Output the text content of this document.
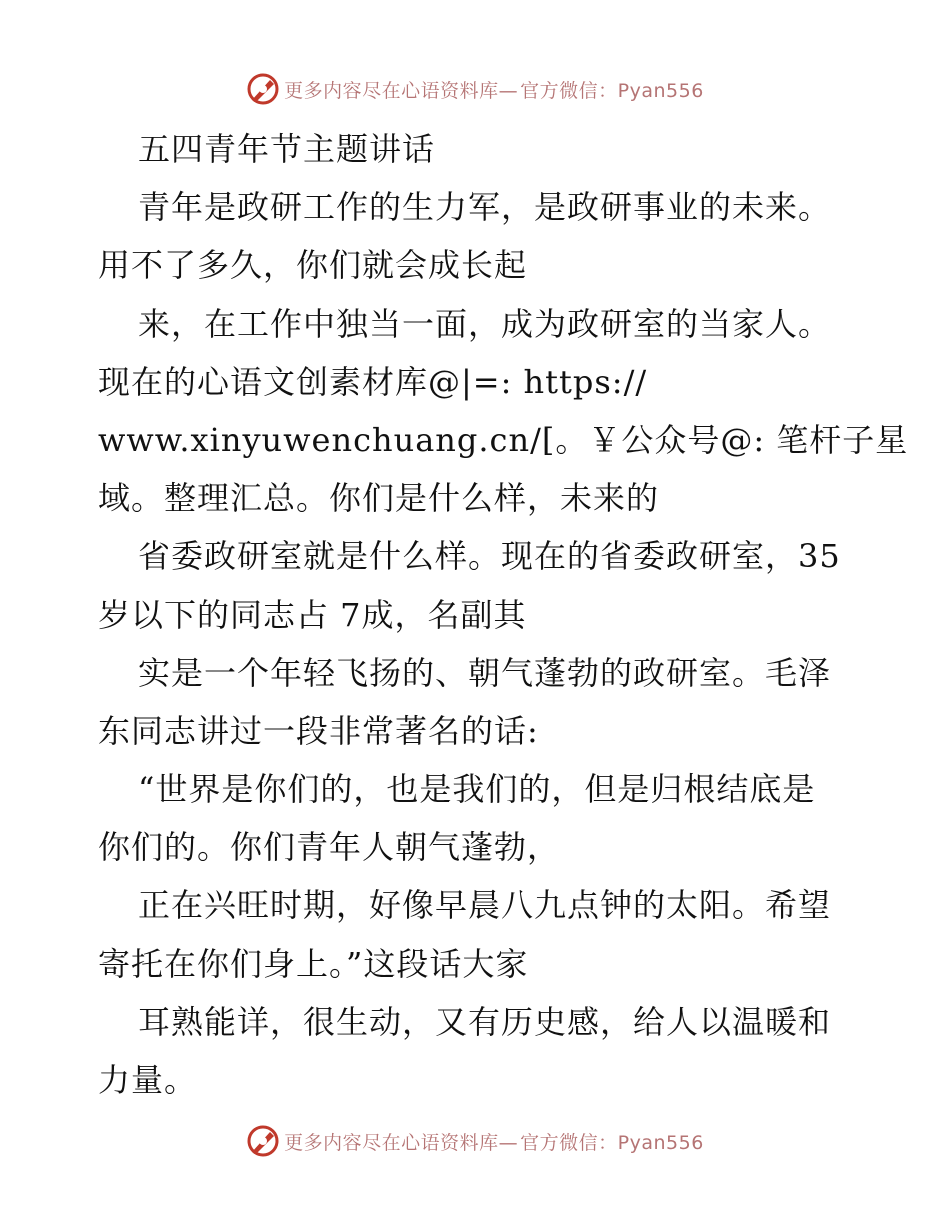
更多内容尽在心语资料库— 官方微信：Pyan556
五四青年节主题讲话
青年是政研工作的生力军，是政研事业的未来。
用不了多久，你们就会成长起
来，在工作中独当一面，成为政研室的当家人。
现在的心语文创素材库@|=: https://
www.xinyuwenchuang.cn/[。￥公众号@: 笔杆子星
域。整理汇总。你们是什么样，未来的
省委政研室就是什么样。现在的省委政研室，35
岁以下的同志占 7成，名副其
实是一个年轻飞扬的、朝气蓬勃的政研室。毛泽
东同志讲过一段非常著名的话:
“世界是你们的，也是我们的，但是归根结底是
你们的。你们青年人朝气蓬勃，
正在兴旺时期，好像早晨八九点钟的太阳。希望
寄托在你们身上。”这段话大家
耳熟能详，很生动，又有历史感，给人以温暖和
力量。
更多内容尽在心语资料库— 官方微信：Pyan556
